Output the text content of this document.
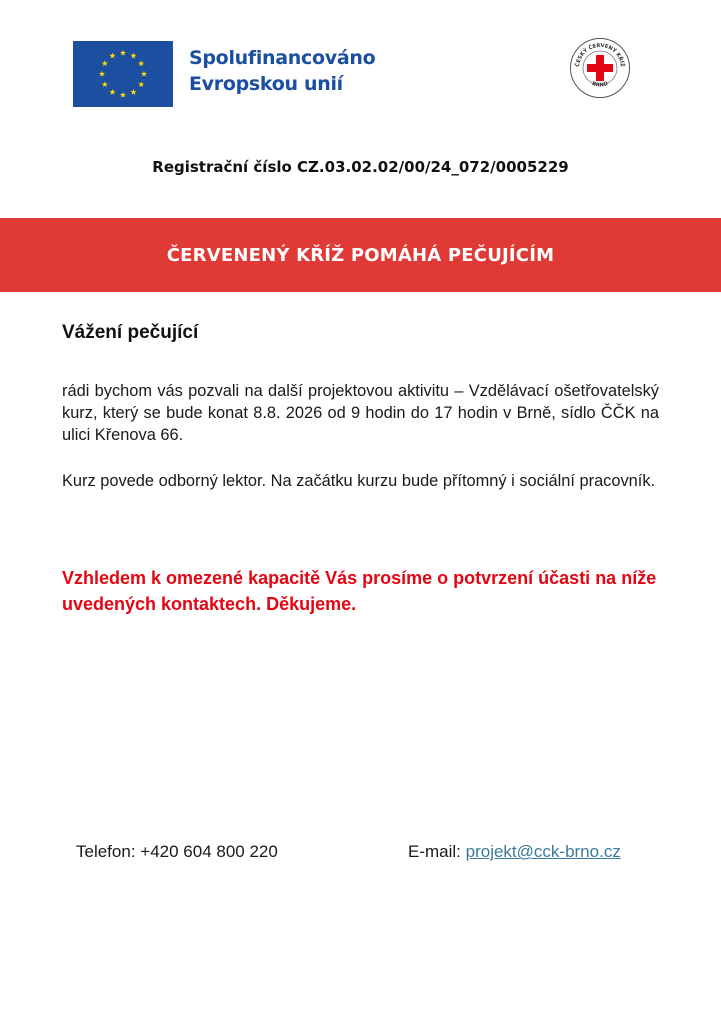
Spolufinancováno
Evropskou unií
ČESKÝ ČERVENÝ KŘÍŽ
BRNO
Registrační číslo CZ.03.02.02/00/24_072/0005229
ČERVENENÝ KŘÍŽ POMÁHÁ PEČUJÍCÍM
Vážení pečující
rádi bychom vás pozvali na další projektovou aktivitu – Vzdělávací ošetřovatelský kurz, který se bude konat 8.8. 2026 od 9 hodin do 17 hodin v Brně, sídlo ČČK na ulici Křenova 66.
Kurz povede odborný lektor. Na začátku kurzu bude přítomný i sociální pracovník.
Vzhledem k omezené kapacitě Vás prosíme o potvrzení účasti na níže uvedených kontaktech. Děkujeme.
Telefon: +420 604 800 220	E-mail: projekt@cck-brno.cz
